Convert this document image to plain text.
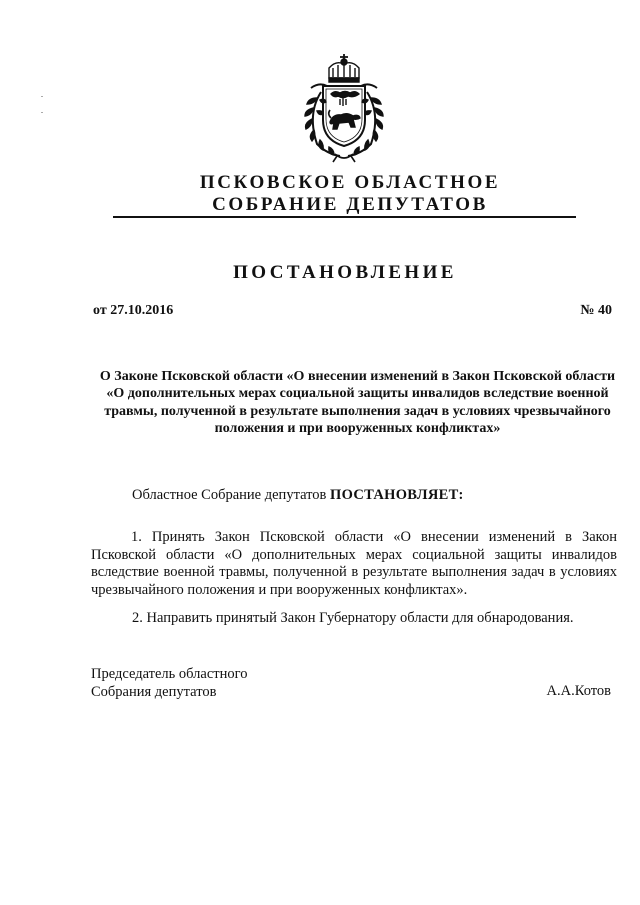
ПСКОВСКОЕ ОБЛАСТНОЕ
СОБРАНИЕ ДЕПУТАТОВ
ПОСТАНОВЛЕНИЕ
от 27.10.2016	№ 40
О Законе Псковской области «О внесении изменений в Закон Псковской области «О дополнительных мерах социальной защиты инвалидов вследствие военной травмы, полученной в результате выполнения задач в условиях чрезвычайного положения и при вооруженных конфликтах»
Областное Собрание депутатов ПОСТАНОВЛЯЕТ:
1. Принять Закон Псковской области «О внесении изменений в Закон Псковской области «О дополнительных мерах социальной защиты инвалидов вследствие военной травмы, полученной в результате выполнения задач в условиях чрезвычайного положения и при вооруженных конфликтах».
2. Направить принятый Закон Губернатору области для обнародования.
Председатель областного
Собрания депутатов	А.А.Котов
